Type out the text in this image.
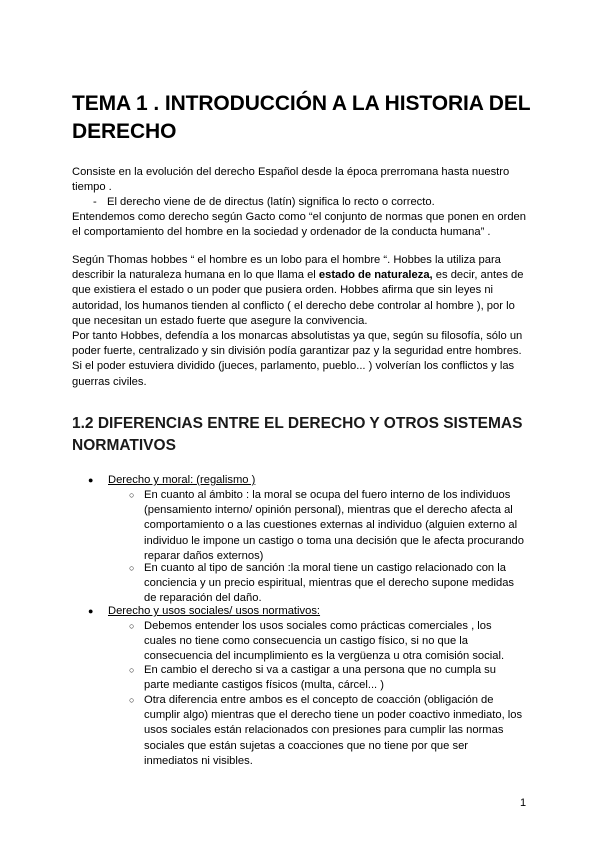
TEMA 1 . INTRODUCCIÓN A LA HISTORIA DEL DERECHO

Consiste en la evolución del derecho Español desde la época prerromana hasta nuestro tiempo .

- El derecho viene de de directus (latín) significa lo recto o correcto.

Entendemos como derecho según Gacto como “el conjunto de normas que ponen en orden el comportamiento del hombre en la sociedad y ordenador de la conducta humana” .

Según Thomas hobbes “ el hombre es un lobo para el hombre “. Hobbes la utiliza para describir la naturaleza humana en lo que llama el estado de naturaleza, es decir, antes de que existiera el estado o un poder que pusiera orden. Hobbes afirma que sin leyes ni autoridad, los humanos tienden al conflicto ( el derecho debe controlar al hombre ), por lo que necesitan un estado fuerte que asegure la convivencia.

Por tanto Hobbes, defendía a los monarcas absolutistas ya que, según su filosofía, sólo un poder fuerte, centralizado y sin división podía garantizar paz y la seguridad entre hombres.

Si el poder estuviera dividido (jueces, parlamento, pueblo... ) volverían los conflictos y las guerras civiles.

1.2 DIFERENCIAS ENTRE EL DERECHO Y OTROS SISTEMAS NORMATIVOS
●	Derecho y moral: (regalismo )
○ En cuanto al ámbito : la moral se ocupa del fuero interno de los individuos (pensamiento interno/ opinión personal), mientras que el derecho afecta al comportamiento o a las cuestiones externas al individuo (alguien externo al individuo le impone un castigo o toma una decisión que le afecta procurando reparar daños externos)

○ En cuanto al tipo de sanción :la moral tiene un castigo relacionado con la conciencia y un precio espiritual, mientras que el derecho supone medidas de reparación del daño.

●	Derecho y usos sociales/ usos normativos:
○ Debemos entender los usos sociales como prácticas comerciales , los cuales no tiene como consecuencia un castigo físico, si no que la consecuencia del incumplimiento es la vergüenza u otra comisión social.

○ En cambio el derecho si va a castigar a una persona que no cumpla su parte mediante castigos físicos (multa, cárcel... )

○ Otra diferencia entre ambos es el concepto de coacción (obligación de cumplir algo) mientras que el derecho tiene un poder coactivo inmediato, los usos sociales están relacionados con presiones para cumplir las normas sociales que están sujetas a coacciones que no tiene por que ser inmediatos ni visibles.

1
